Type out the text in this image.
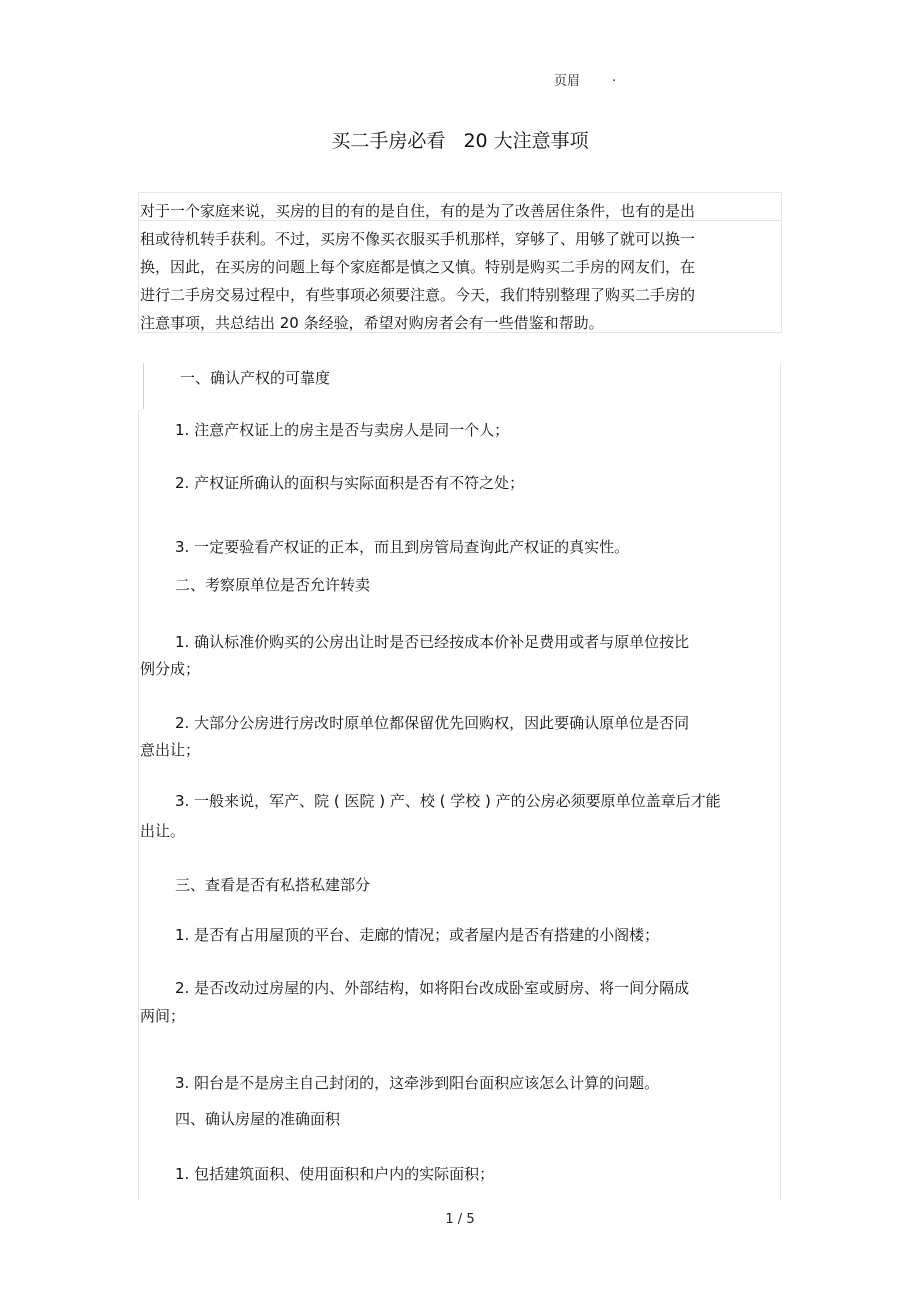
页眉 .
买二手房必看   20 大注意事项
对于一个家庭来说，买房的目的有的是自住，有的是为了改善居住条件，也有的是出
租或待机转手获利。不过，买房不像买衣服买手机那样，穿够了、用够了就可以换一
换，因此，在买房的问题上每个家庭都是慎之又慎。特别是购买二手房的网友们，在
进行二手房交易过程中，有些事项必须要注意。今天，我们特别整理了购买二手房的
注意事项，共总结出 20 条经验，希望对购房者会有一些借鉴和帮助。
一、确认产权的可靠度
1. 注意产权证上的房主是否与卖房人是同一个人；
2. 产权证所确认的面积与实际面积是否有不符之处；
3. 一定要验看产权证的正本，而且到房管局查询此产权证的真实性。
二、考察原单位是否允许转卖
1. 确认标准价购买的公房出让时是否已经按成本价补足费用或者与原单位按比
例分成；
2. 大部分公房进行房改时原单位都保留优先回购权，因此要确认原单位是否同
意出让；
3. 一般来说，军产、院 ( 医院 ) 产、校 ( 学校 ) 产的公房必须要原单位盖章后才能
出让。
三、查看是否有私搭私建部分
1. 是否有占用屋顶的平台、走廊的情况；或者屋内是否有搭建的小阁楼；
2. 是否改动过房屋的内、外部结构，如将阳台改成卧室或厨房、将一间分隔成
两间；
3. 阳台是不是房主自己封闭的，这牵涉到阳台面积应该怎么计算的问题。
四、确认房屋的准确面积
1. 包括建筑面积、使用面积和户内的实际面积；
1 / 5
